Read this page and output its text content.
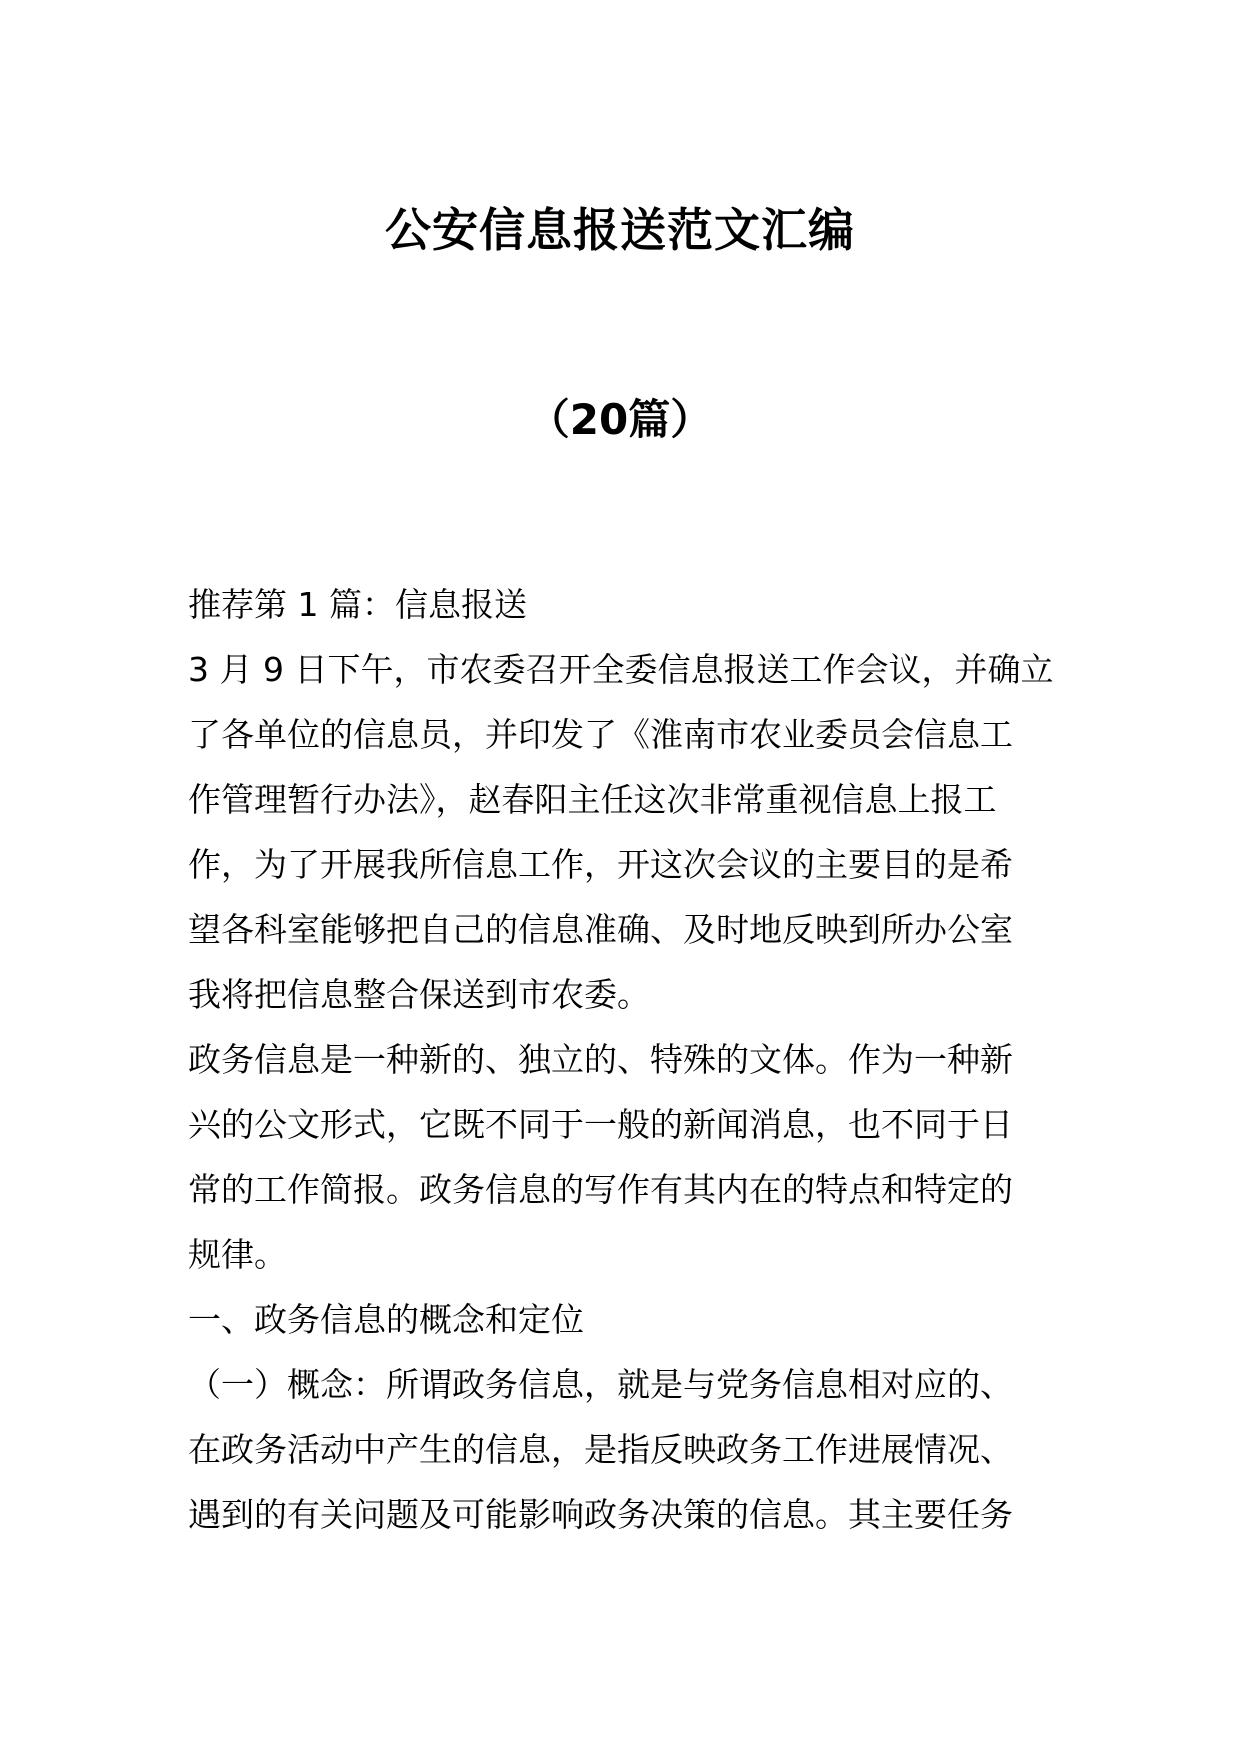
公安信息报送范文汇编
（20篇）
推荐第 1 篇：信息报送
3 月 9 日下午，市农委召开全委信息报送工作会议，并确立
了各单位的信息员，并印发了《淮南市农业委员会信息工
作管理暂行办法》，赵春阳主任这次非常重视信息上报工
作，为了开展我所信息工作，开这次会议的主要目的是希
望各科室能够把自己的信息准确、及时地反映到所办公室
我将把信息整合保送到市农委。
政务信息是一种新的、独立的、特殊的文体。作为一种新
兴的公文形式，它既不同于一般的新闻消息，也不同于日
常的工作简报。政务信息的写作有其内在的特点和特定的
规律。
一、政务信息的概念和定位
（一）概念：所谓政务信息，就是与党务信息相对应的、
在政务活动中产生的信息，是指反映政务工作进展情况、
遇到的有关问题及可能影响政务决策的信息。其主要任务
